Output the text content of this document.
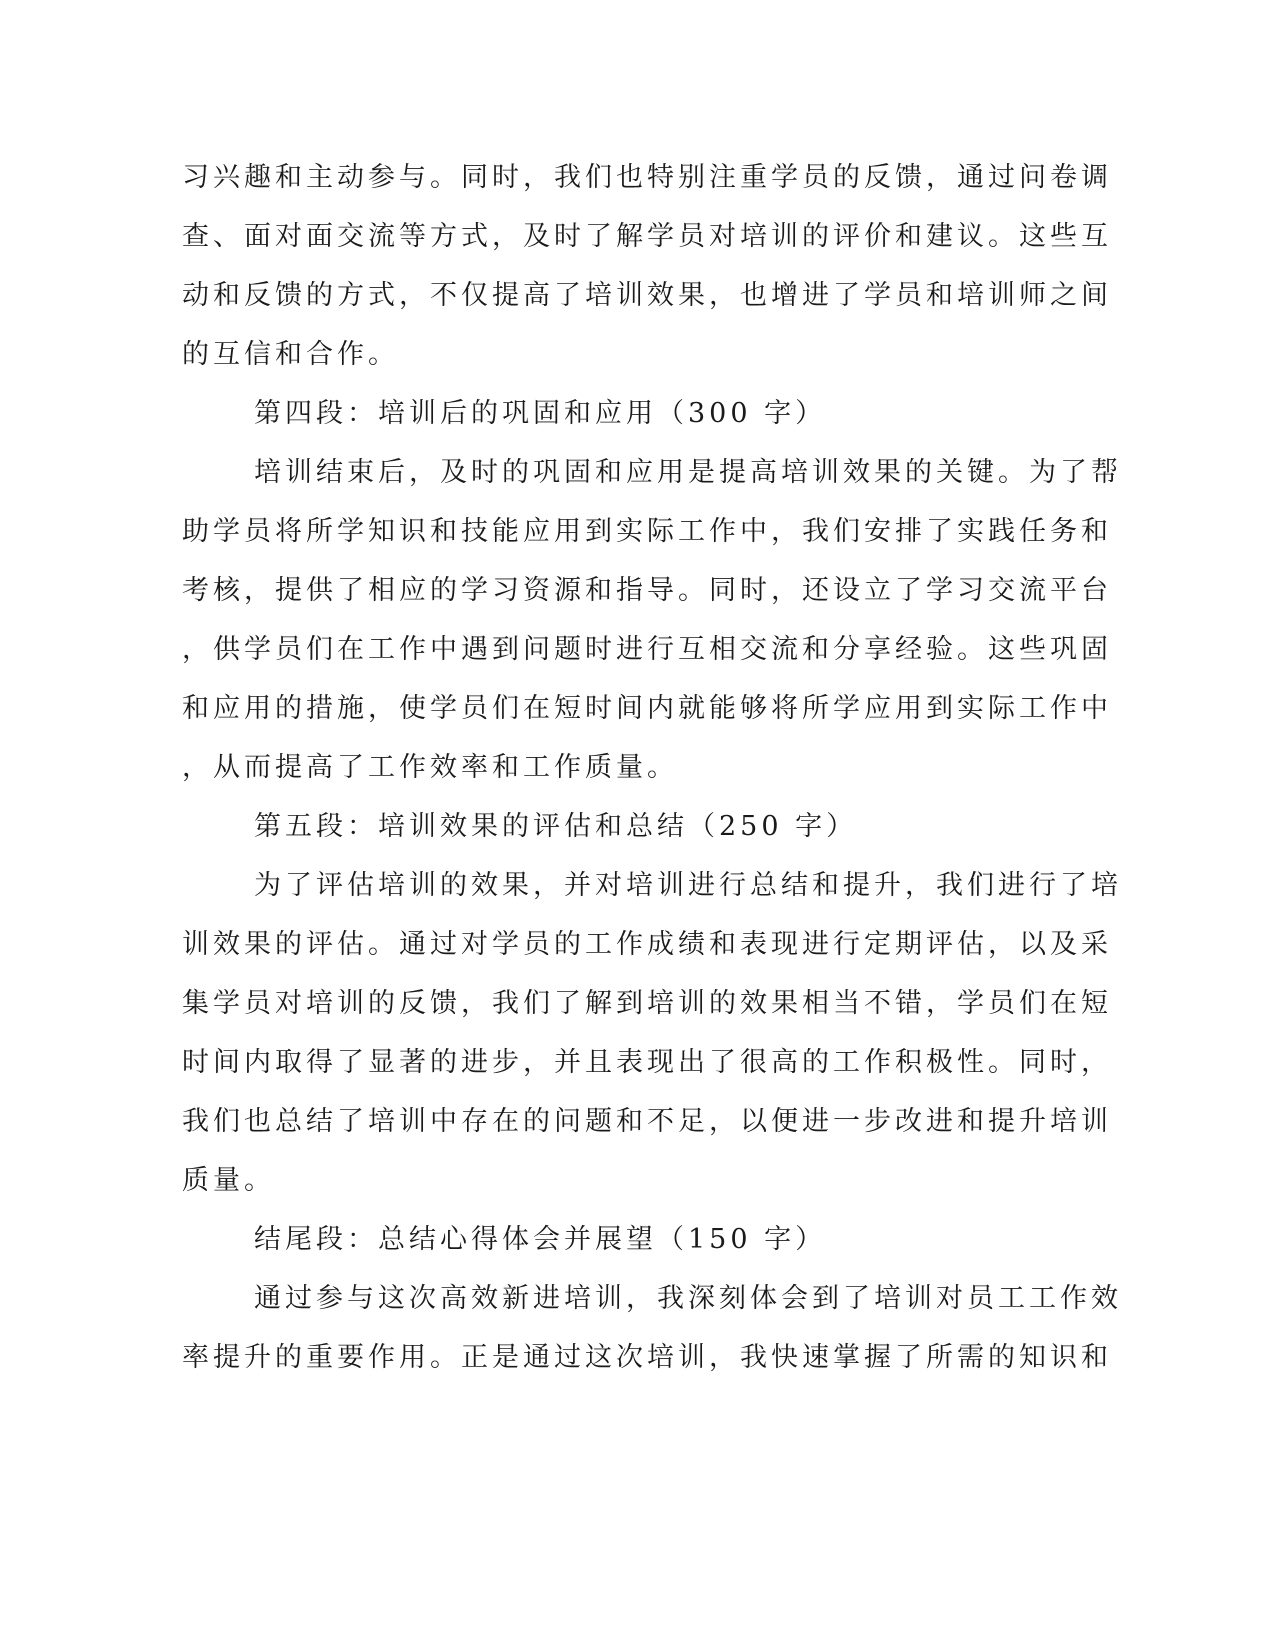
习兴趣和主动参与。同时，我们也特别注重学员的反馈，通过问卷调
查、面对面交流等方式，及时了解学员对培训的评价和建议。这些互
动和反馈的方式，不仅提高了培训效果，也增进了学员和培训师之间
的互信和合作。
第四段：培训后的巩固和应用（300 字）
培训结束后，及时的巩固和应用是提高培训效果的关键。为了帮
助学员将所学知识和技能应用到实际工作中，我们安排了实践任务和
考核，提供了相应的学习资源和指导。同时，还设立了学习交流平台
，供学员们在工作中遇到问题时进行互相交流和分享经验。这些巩固
和应用的措施，使学员们在短时间内就能够将所学应用到实际工作中
，从而提高了工作效率和工作质量。
第五段：培训效果的评估和总结（250 字）
为了评估培训的效果，并对培训进行总结和提升，我们进行了培
训效果的评估。通过对学员的工作成绩和表现进行定期评估，以及采
集学员对培训的反馈，我们了解到培训的效果相当不错，学员们在短
时间内取得了显著的进步，并且表现出了很高的工作积极性。同时，
我们也总结了培训中存在的问题和不足，以便进一步改进和提升培训
质量。
结尾段：总结心得体会并展望（150 字）
通过参与这次高效新进培训，我深刻体会到了培训对员工工作效
率提升的重要作用。正是通过这次培训，我快速掌握了所需的知识和
